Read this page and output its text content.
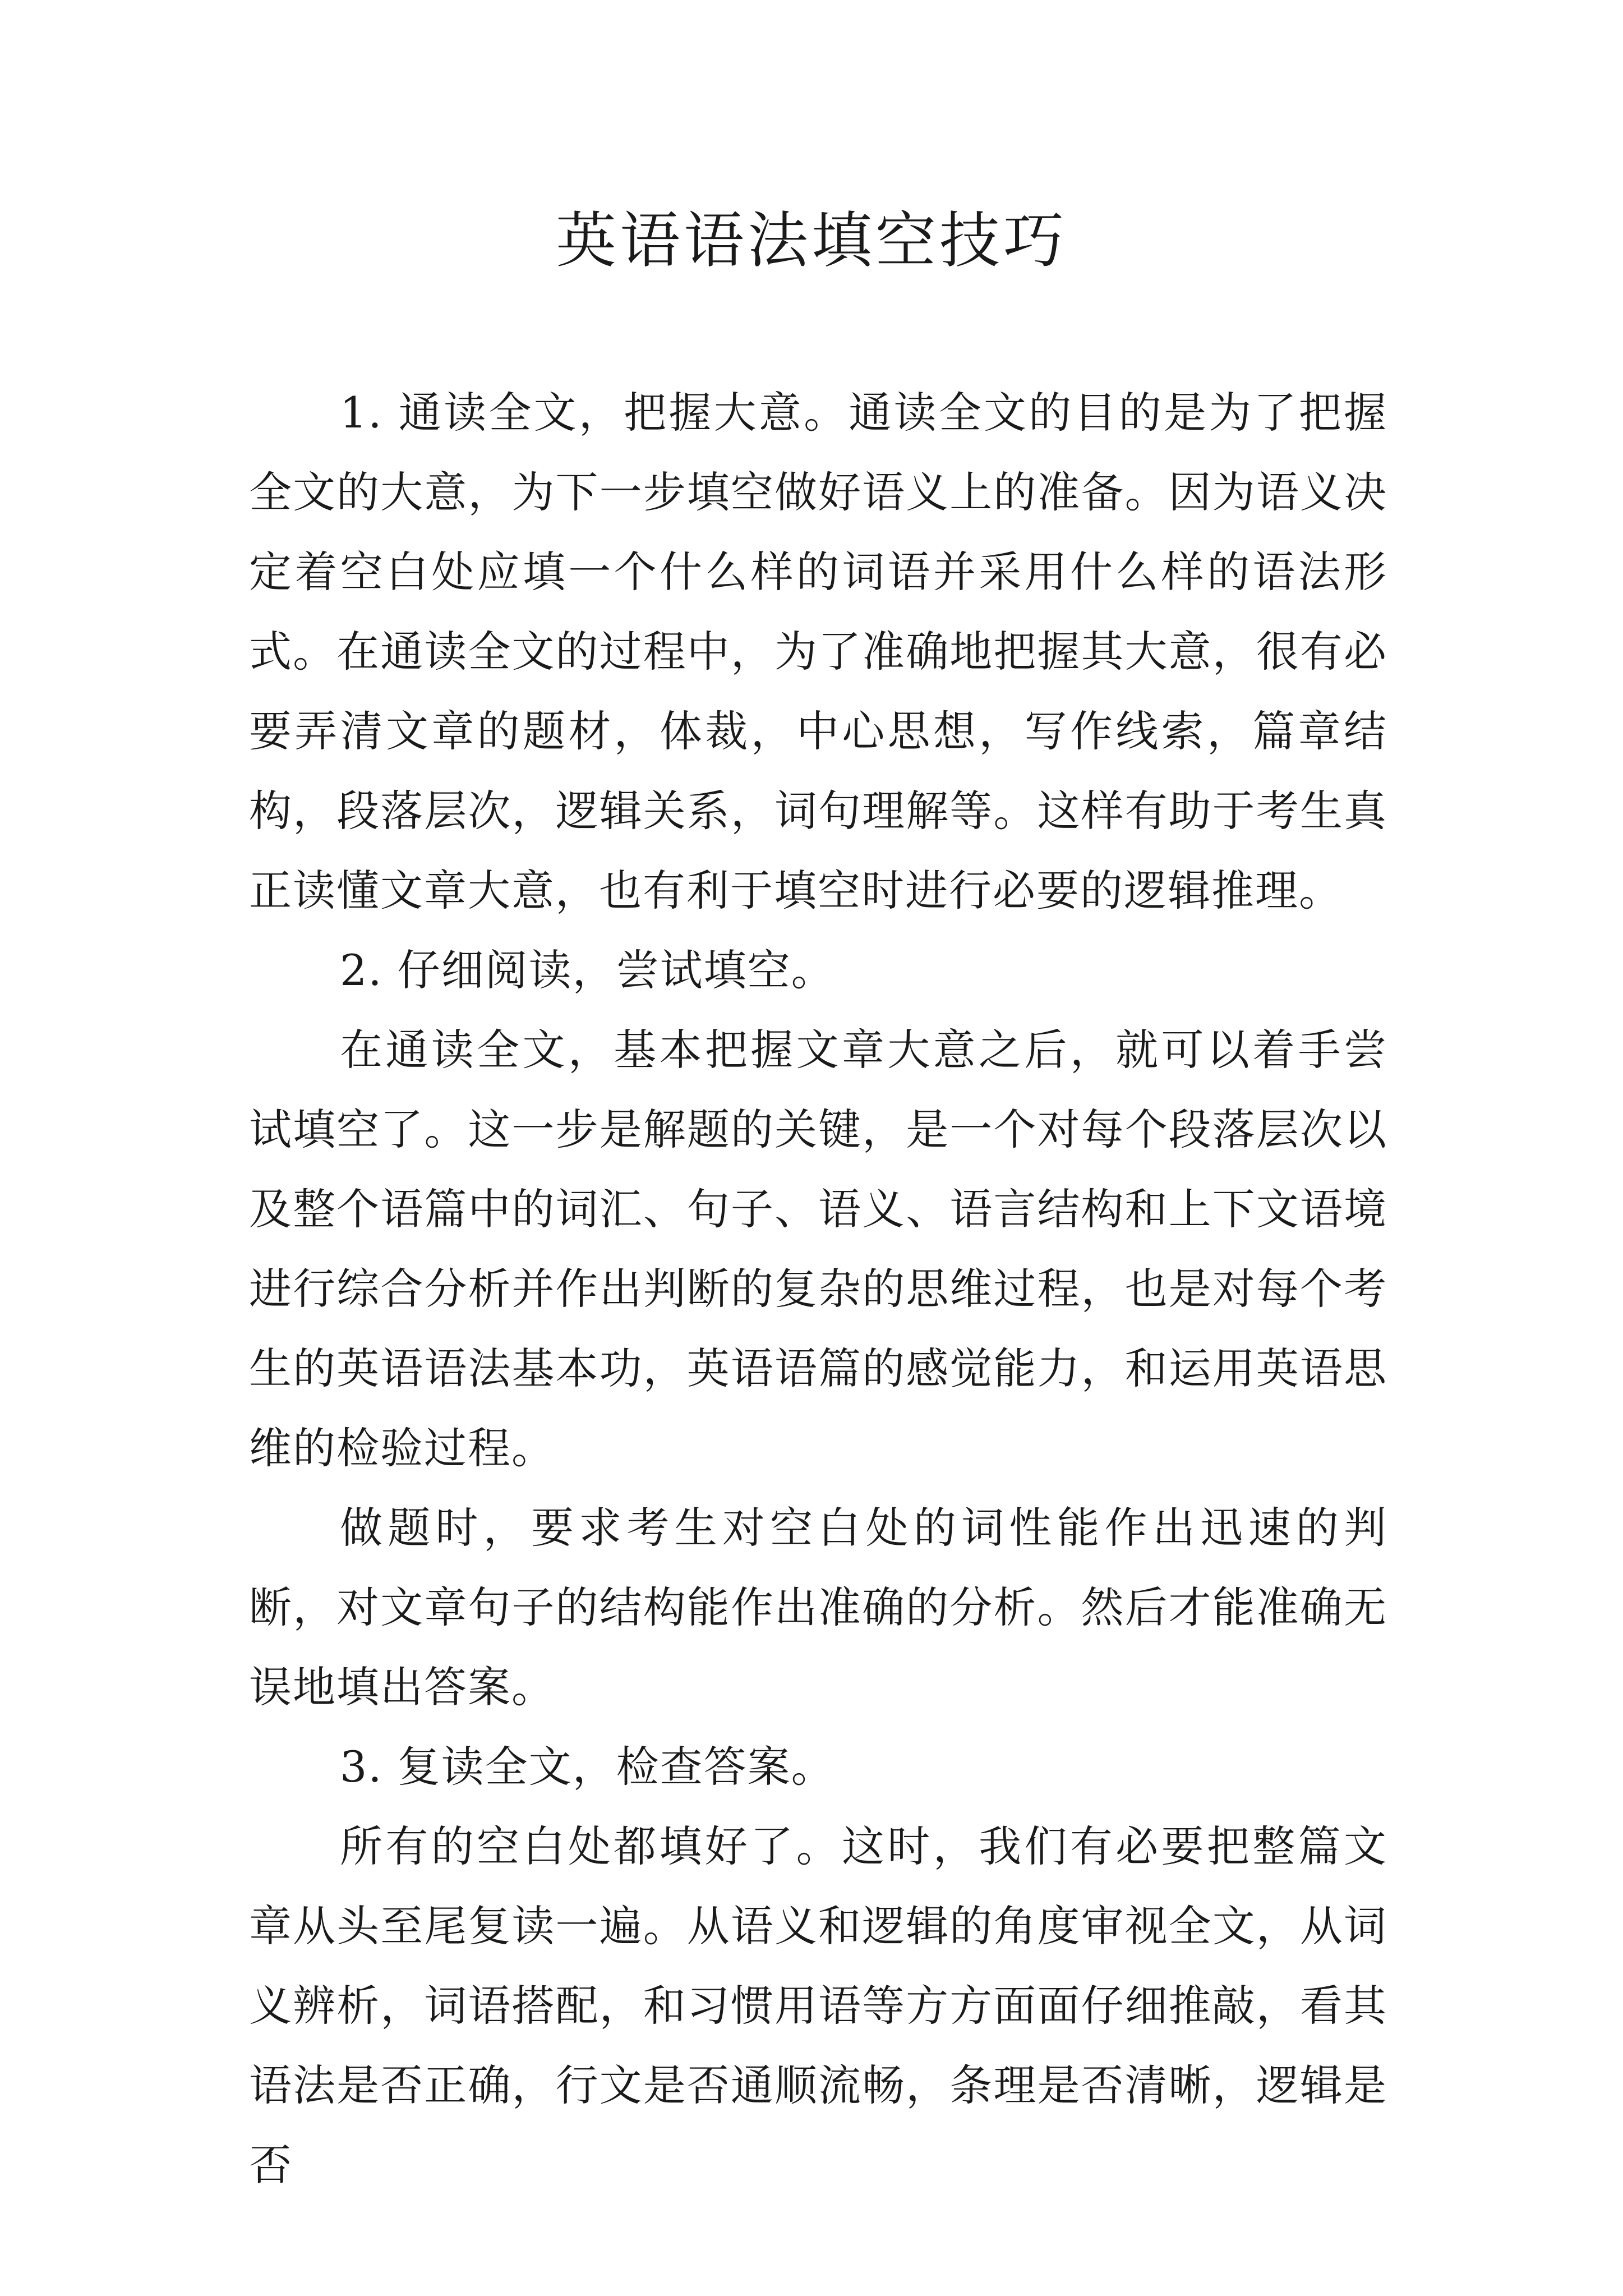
英语语法填空技巧

1. 通读全文，把握大意。通读全文的目的是为了把握全文的大意，为下一步填空做好语义上的准备。因为语义决定着空白处应填一个什么样的词语并采用什么样的语法形式。在通读全文的过程中，为了准确地把握其大意，很有必要弄清文章的题材，体裁，中心思想，写作线索，篇章结构，段落层次，逻辑关系，词句理解等。这样有助于考生真正读懂文章大意，也有利于填空时进行必要的逻辑推理。

2. 仔细阅读，尝试填空。

在通读全文，基本把握文章大意之后，就可以着手尝试填空了。这一步是解题的关键，是一个对每个段落层次以及整个语篇中的词汇、句子、语义、语言结构和上下文语境进行综合分析并作出判断的复杂的思维过程，也是对每个考生的英语语法基本功，英语语篇的感觉能力，和运用英语思维的检验过程。

做题时，要求考生对空白处的词性能作出迅速的判断，对文章句子的结构能作出准确的分析。然后才能准确无误地填出答案。

3. 复读全文，检查答案。

所有的空白处都填好了。这时，我们有必要把整篇文章从头至尾复读一遍。从语义和逻辑的角度审视全文，从词义辨析，词语搭配，和习惯用语等方方面面仔细推敲，看其语法是否正确，行文是否通顺流畅，条理是否清晰，逻辑是否
